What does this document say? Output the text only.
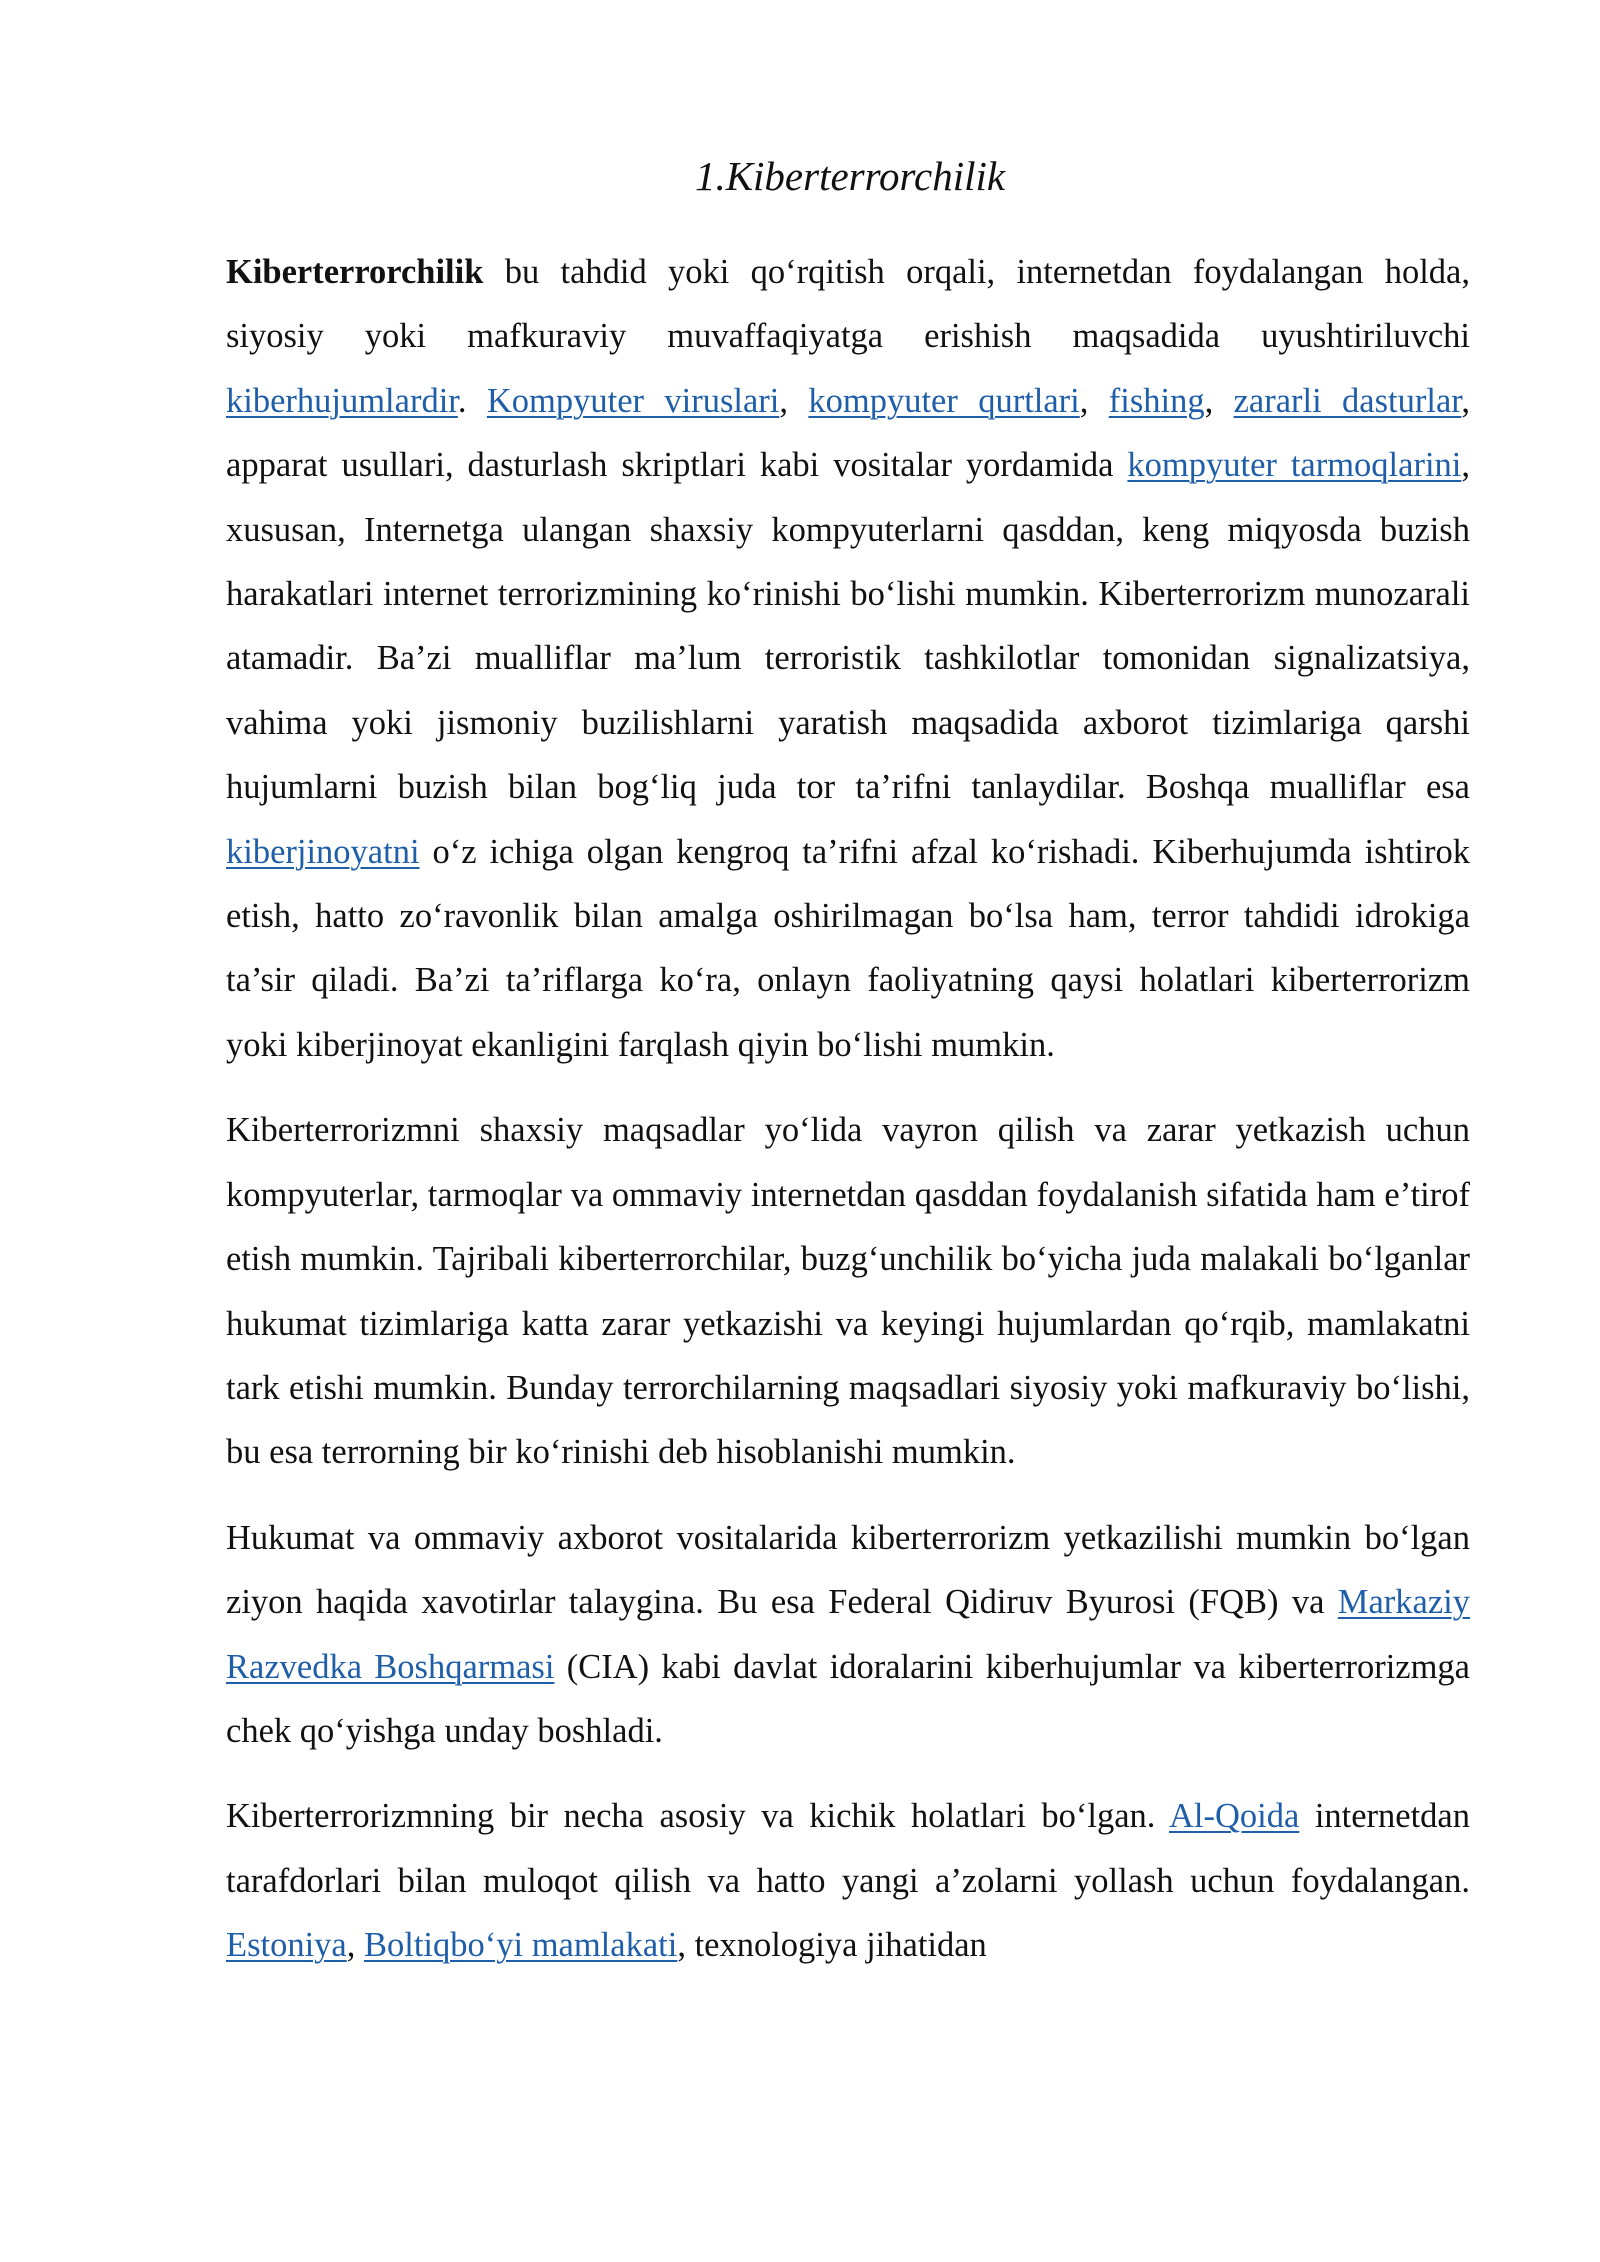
1.Kiberterrorchilik

Kiberterrorchilik bu tahdid yoki qo‘rqitish orqali, internetdan foydalangan holda, siyosiy yoki mafkuraviy muvaffaqiyatga erishish maqsadida uyushtiriluvchi kiberhujumlardir. Kompyuter viruslari, kompyuter qurtlari, fishing, zararli dasturlar, apparat usullari, dasturlash skriptlari kabi vositalar yordamida kompyuter tarmoqlarini, xususan, Internetga ulangan shaxsiy kompyuterlarni qasddan, keng miqyosda buzish harakatlari internet terrorizmining ko‘rinishi bo‘lishi mumkin. Kiberterrorizm munozarali atamadir. Ba’zi mualliflar ma’lum terroristik tashkilotlar tomonidan signalizatsiya, vahima yoki jismoniy buzilishlarni yaratish maqsadida axborot tizimlariga qarshi hujumlarni buzish bilan bog‘liq juda tor ta’rifni tanlaydilar. Boshqa mualliflar esa kiberjinoyatni o‘z ichiga olgan kengroq ta’rifni afzal ko‘rishadi. Kiberhujumda ishtirok etish, hatto zo‘ravonlik bilan amalga oshirilmagan bo‘lsa ham, terror tahdidi idrokiga ta’sir qiladi. Ba’zi ta’riflarga ko‘ra, onlayn faoliyatning qaysi holatlari kiberterrorizm yoki kiberjinoyat ekanligini farqlash qiyin bo‘lishi mumkin.

Kiberterrorizmni shaxsiy maqsadlar yo‘lida vayron qilish va zarar yetkazish uchun kompyuterlar, tarmoqlar va ommaviy internetdan qasddan foydalanish sifatida ham e’tirof etish mumkin. Tajribali kiberterrorchilar, buzg‘unchilik bo‘yicha juda malakali bo‘lganlar hukumat tizimlariga katta zarar yetkazishi va keyingi hujumlardan qo‘rqib, mamlakatni tark etishi mumkin. Bunday terrorchilarning maqsadlari siyosiy yoki mafkuraviy bo‘lishi, bu esa terrorning bir ko‘rinishi deb hisoblanishi mumkin.

Hukumat va ommaviy axborot vositalarida kiberterrorizm yetkazilishi mumkin bo‘lgan ziyon haqida xavotirlar talaygina. Bu esa Federal Qidiruv Byurosi (FQB) va Markaziy Razvedka Boshqarmasi (CIA) kabi davlat idoralarini kiberhujumlar va kiberterrorizmga chek qo‘yishga unday boshladi.

Kiberterrorizmning bir necha asosiy va kichik holatlari bo‘lgan. Al-Qoida internetdan tarafdorlari bilan muloqot qilish va hatto yangi a’zolarni yollash uchun foydalangan. Estoniya, Boltiqbo‘yi mamlakati, texnologiya jihatidan
